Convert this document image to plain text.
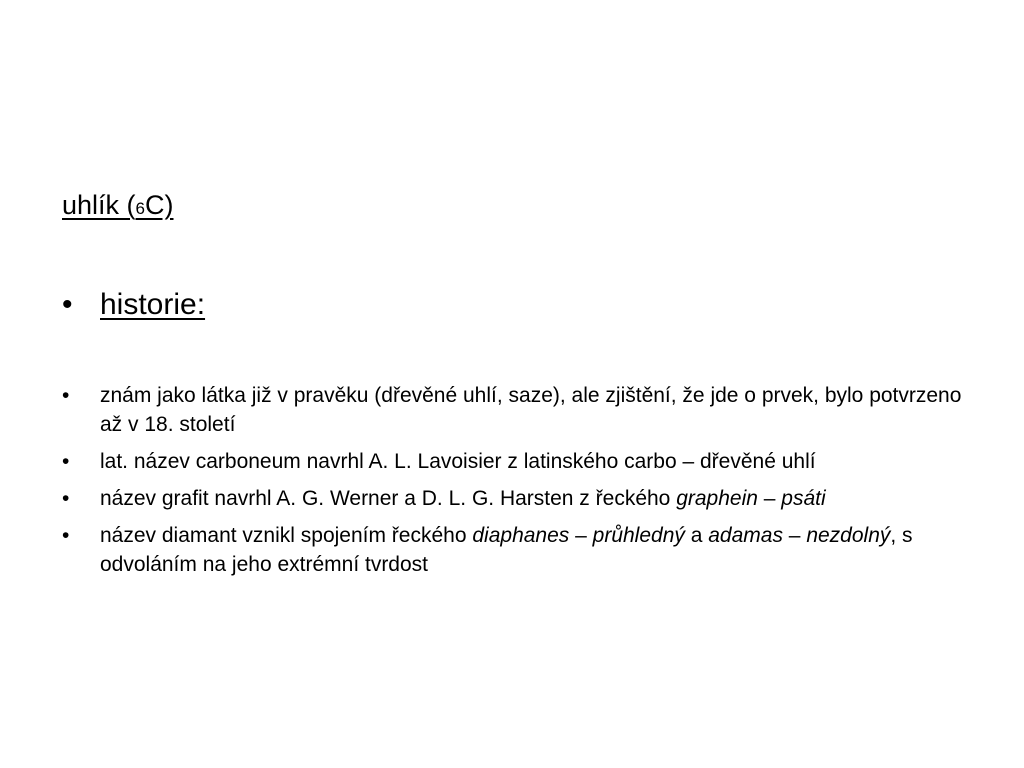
uhlík (6C)
• historie:
• znám jako látka již v pravěku (dřevěné uhlí, saze), ale zjištění, že jde o prvek, bylo potvrzeno až v 18. století
• lat. název carboneum navrhl A. L. Lavoisier z latinského carbo – dřevěné uhlí
• název grafit navrhl A. G. Werner a D. L. G. Harsten z řeckého graphein – psáti
• název diamant vznikl spojením řeckého diaphanes – průhledný a adamas – nezdolný, s odvoláním na jeho extrémní tvrdost
